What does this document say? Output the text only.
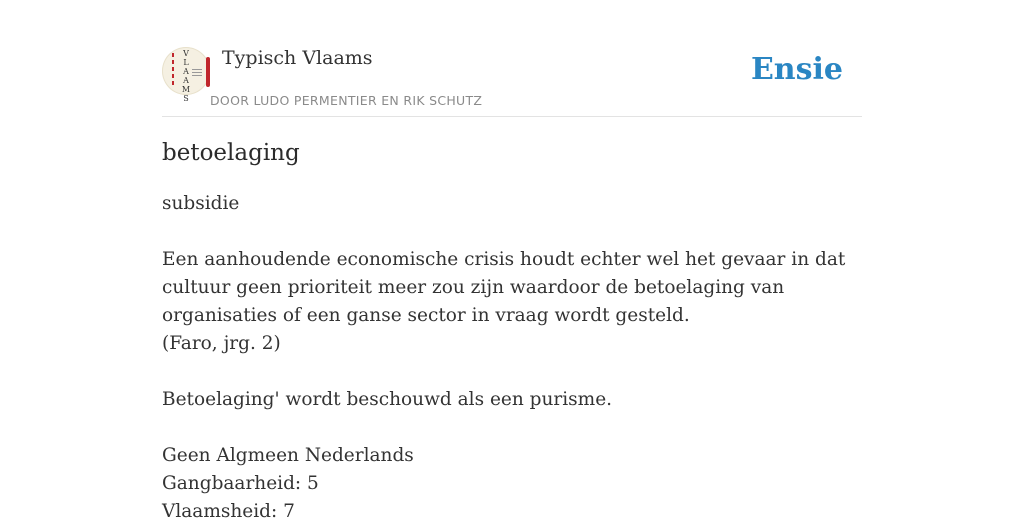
V
L
A
A
M
S
Typisch Vlaams
DOOR LUDO PERMENTIER EN RIK SCHUTZ
Ensie
betoelaging

subsidie

Een aanhoudende economische crisis houdt echter wel het gevaar in dat cultuur geen prioriteit meer zou zijn waardoor de betoelaging van organisaties of een ganse sector in vraag wordt gesteld.

(Faro, jrg. 2)

Betoelaging' wordt beschouwd als een purisme.

Geen Algmeen Nederlands

Gangbaarheid: 5

Vlaamsheid: 7
